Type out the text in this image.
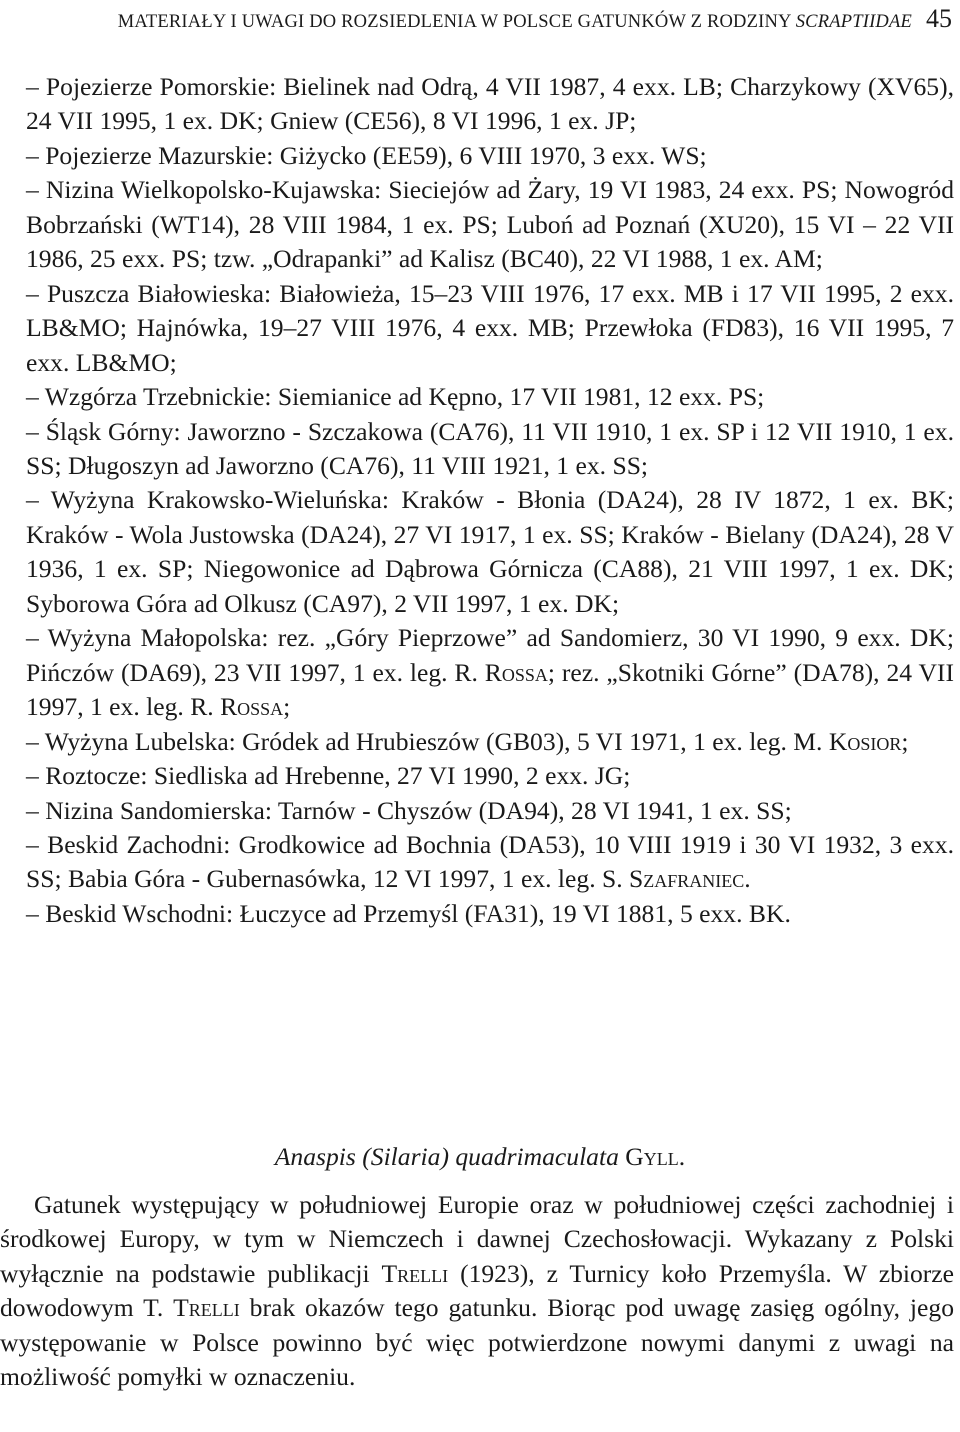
MATERIAŁY I UWAGI DO ROZSIEDLENIA W POLSCE GATUNKÓW Z RODZINY SCRAPTIIDAE 45
– Pojezierze Pomorskie: Bielinek nad Odrą, 4 VII 1987, 4 exx. LB; Charzykowy (XV65), 24 VII 1995, 1 ex. DK; Gniew (CE56), 8 VI 1996, 1 ex. JP;
– Pojezierze Mazurskie: Giżycko (EE59), 6 VIII 1970, 3 exx. WS;
– Nizina Wielkopolsko-Kujawska: Sieciejów ad Żary, 19 VI 1983, 24 exx. PS; Nowogród Bobrzański (WT14), 28 VIII 1984, 1 ex. PS; Luboń ad Poznań (XU20), 15 VI – 22 VII 1986, 25 exx. PS; tzw. „Odrapanki” ad Kalisz (BC40), 22 VI 1988, 1 ex. AM;
– Puszcza Białowieska: Białowieża, 15–23 VIII 1976, 17 exx. MB i 17 VII 1995, 2 exx. LB&MO; Hajnówka, 19–27 VIII 1976, 4 exx. MB; Przewłoka (FD83), 16 VII 1995, 7 exx. LB&MO;
– Wzgórza Trzebnickie: Siemianice ad Kępno, 17 VII 1981, 12 exx. PS;
– Śląsk Górny: Jaworzno - Szczakowa (CA76), 11 VII 1910, 1 ex. SP i 12 VII 1910, 1 ex. SS; Długoszyn ad Jaworzno (CA76), 11 VIII 1921, 1 ex. SS;
– Wyżyna Krakowsko-Wieluńska: Kraków - Błonia (DA24), 28 IV 1872, 1 ex. BK; Kraków - Wola Justowska (DA24), 27 VI 1917, 1 ex. SS; Kraków - Bielany (DA24), 28 V 1936, 1 ex. SP; Niegowonice ad Dąbrowa Górnicza (CA88), 21 VIII 1997, 1 ex. DK; Syborowa Góra ad Olkusz (CA97), 2 VII 1997, 1 ex. DK;
– Wyżyna Małopolska: rez. „Góry Pieprzowe” ad Sandomierz, 30 VI 1990, 9 exx. DK; Pińczów (DA69), 23 VII 1997, 1 ex. leg. R. Rossa; rez. „Skotniki Górne” (DA78), 24 VII 1997, 1 ex. leg. R. Rossa;
– Wyżyna Lubelska: Gródek ad Hrubieszów (GB03), 5 VI 1971, 1 ex. leg. M. Kosior;
– Roztocze: Siedliska ad Hrebenne, 27 VI 1990, 2 exx. JG;
– Nizina Sandomierska: Tarnów - Chyszów (DA94), 28 VI 1941, 1 ex. SS;
– Beskid Zachodni: Grodkowice ad Bochnia (DA53), 10 VIII 1919 i 30 VI 1932, 3 exx. SS; Babia Góra - Gubernasówka, 12 VI 1997, 1 ex. leg. S. Szafraniec.
– Beskid Wschodni: Łuczyce ad Przemyśl (FA31), 19 VI 1881, 5 exx. BK.
Anaspis (Silaria) quadrimaculata Gyll.
Gatunek występujący w południowej Europie oraz w południowej części zachodniej i środkowej Europy, w tym w Niemczech i dawnej Czechosłowacji. Wykazany z Polski wyłącznie na podstawie publikacji Trelli (1923), z Turnicy koło Przemyśla. W zbiorze dowodowym T. Trelli brak okazów tego gatunku. Biorąc pod uwagę zasięg ogólny, jego występowanie w Polsce powinno być więc potwierdzone nowymi danymi z uwagi na możliwość pomyłki w oznaczeniu.
